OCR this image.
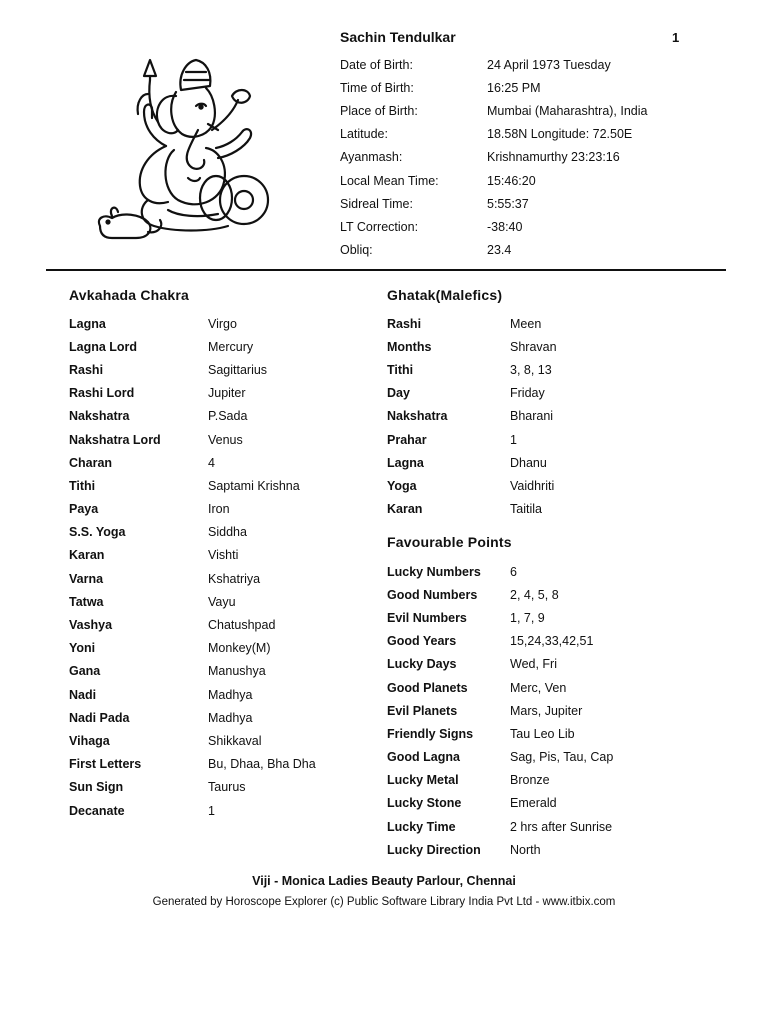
Sachin Tendulkar	1
Date of Birth:	24 April 1973 Tuesday
Time of Birth:	16:25 PM
Place of Birth:	Mumbai (Maharashtra), India
Latitude:	18.58N Longitude: 72.50E
Ayanmash:	Krishnamurthy 23:23:16
Local Mean Time:	15:46:20
Sidreal Time:	5:55:37
LT Correction:	-38:40
Obliq:	23.4
Avkahada Chakra
Lagna	Virgo
Lagna Lord	Mercury
Rashi	Sagittarius
Rashi Lord	Jupiter
Nakshatra	P.Sada
Nakshatra Lord	Venus
Charan	4
Tithi	Saptami Krishna
Paya	Iron
S.S. Yoga	Siddha
Karan	Vishti
Varna	Kshatriya
Tatwa	Vayu
Vashya	Chatushpad
Yoni	Monkey(M)
Gana	Manushya
Nadi	Madhya
Nadi Pada	Madhya
Vihaga	Shikkaval
First Letters	Bu, Dhaa, Bha Dha
Sun Sign	Taurus
Decanate	1
Ghatak(Malefics)
Rashi	Meen
Months	Shravan
Tithi	3, 8, 13
Day	Friday
Nakshatra	Bharani
Prahar	1
Lagna	Dhanu
Yoga	Vaidhriti
Karan	Taitila
Favourable Points
Lucky Numbers	6
Good Numbers	2, 4, 5, 8
Evil Numbers	1, 7, 9
Good Years	15,24,33,42,51
Lucky Days	Wed, Fri
Good Planets	Merc, Ven
Evil Planets	Mars, Jupiter
Friendly Signs	Tau Leo Lib
Good Lagna	Sag, Pis, Tau, Cap
Lucky Metal	Bronze
Lucky Stone	Emerald
Lucky Time	2 hrs after Sunrise
Lucky Direction	North
Viji - Monica Ladies Beauty Parlour, Chennai
Generated by Horoscope Explorer (c) Public Software Library India Pvt Ltd - www.itbix.com
